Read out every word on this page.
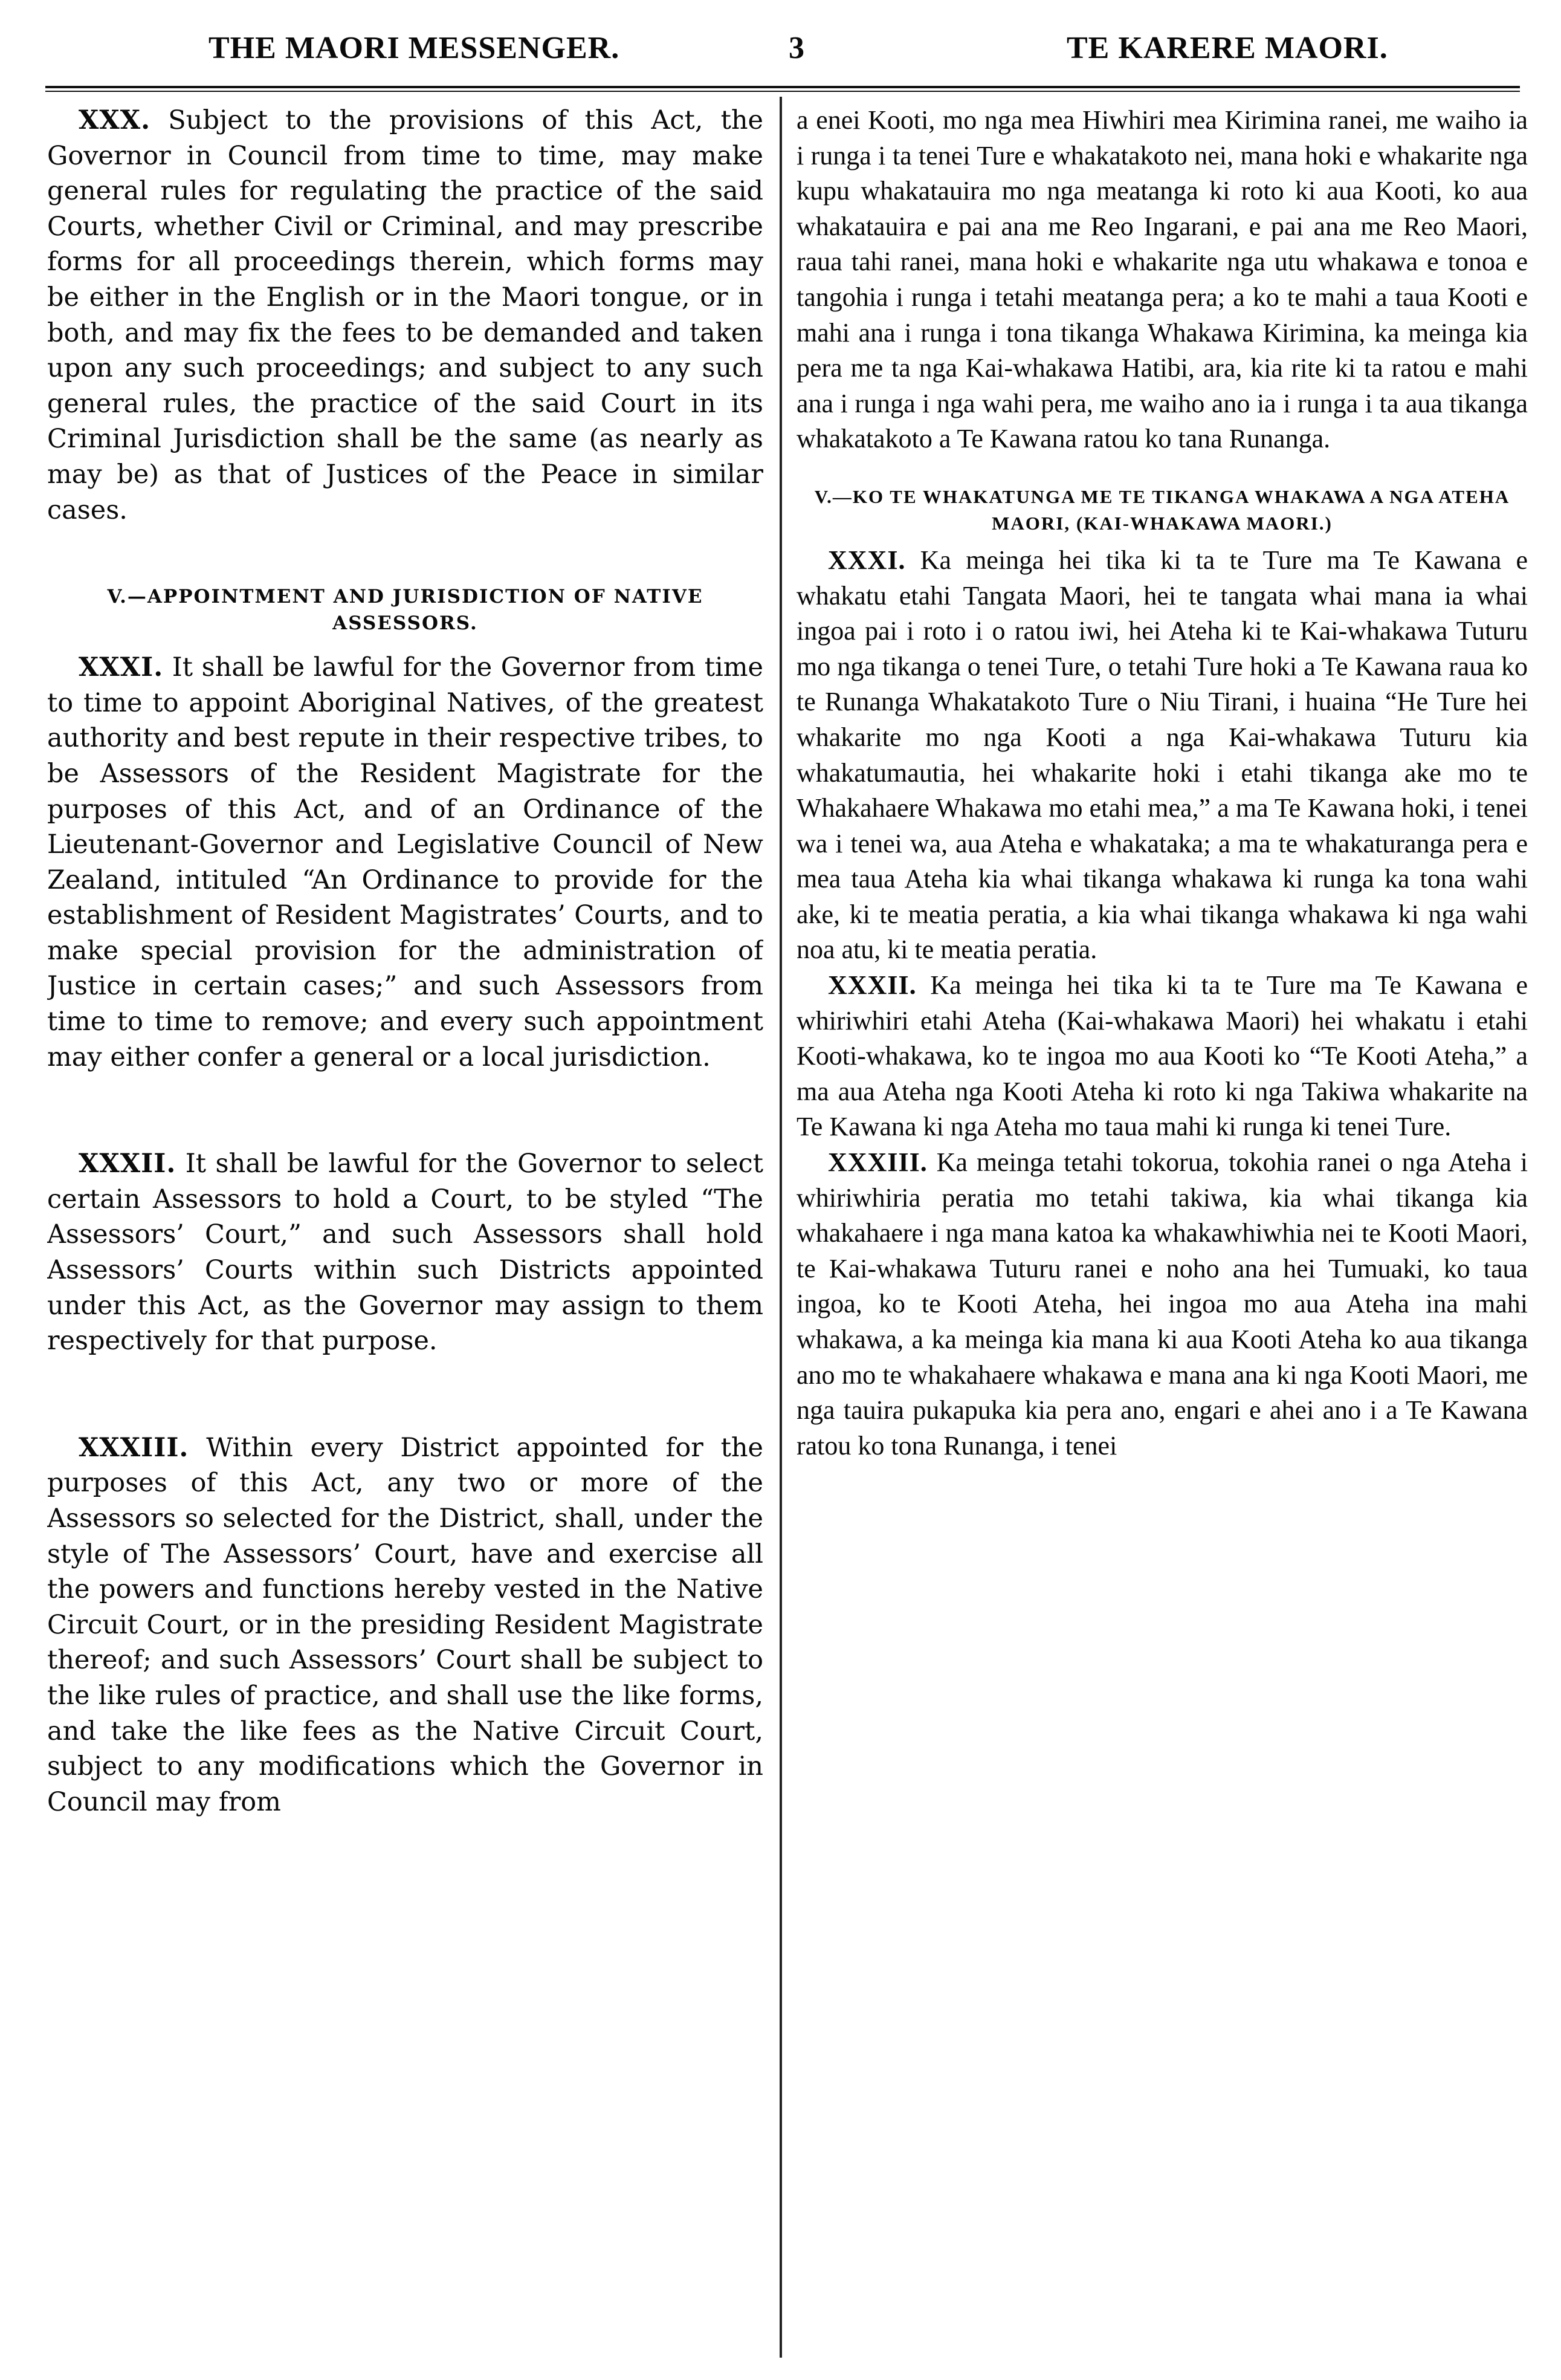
THE MAORI MESSENGER.	3	TE KARERE MAORI.

XXX. Subject to the provisions of this Act, the Governor in Council from time to time, may make general rules for regulating the practice of the said Courts, whether Civil or Criminal, and may prescribe forms for all proceedings therein, which forms may be either in the English or in the Maori tongue, or in both, and may fix the fees to be demanded and taken upon any such proceedings; and subject to any such general rules, the practice of the said Court in its Criminal Jurisdiction shall be the same (as nearly as may be) as that of Justices of the Peace in similar cases.

V.—APPOINTMENT AND JURISDICTION OF NATIVE ASSESSORS.

XXXI. It shall be lawful for the Governor from time to time to appoint Aboriginal Natives, of the greatest authority and best repute in their respective tribes, to be Assessors of the Resident Magistrate for the purposes of this Act, and of an Ordinance of the Lieutenant-Governor and Legislative Council of New Zealand, intituled “An Ordinance to provide for the establishment of Resident Magistrates’ Courts, and to make special provision for the administration of Justice in certain cases;” and such Assessors from time to time to remove; and every such appointment may either confer a general or a local jurisdiction.

XXXII. It shall be lawful for the Governor to select certain Assessors to hold a Court, to be styled “The Assessors’ Court,” and such Assessors shall hold Assessors’ Courts within such Districts appointed under this Act, as the Governor may assign to them respectively for that purpose.

XXXIII. Within every District appointed for the purposes of this Act, any two or more of the Assessors so selected for the District, shall, under the style of The Assessors’ Court, have and exercise all the powers and functions hereby vested in the Native Circuit Court, or in the presiding Resident Magistrate thereof; and such Assessors’ Court shall be subject to the like rules of practice, and shall use the like forms, and take the like fees as the Native Circuit Court, subject to any modifications which the Governor in Council may from

a enei Kooti, mo nga mea Hiwhiri mea Kirimina ranei, me waiho ia i runga i ta tenei Ture e whakatakoto nei, mana hoki e whakarite nga kupu whakatauira mo nga meatanga ki roto ki aua Kooti, ko aua whakatauira e pai ana me Reo Ingarani, e pai ana me Reo Maori, raua tahi ranei, mana hoki e whakarite nga utu whakawa e tonoa e tangohia i runga i tetahi meatanga pera; a ko te mahi a taua Kooti e mahi ana i runga i tona tikanga Whakawa Kirimina, ka meinga kia pera me ta nga Kai-whakawa Hatibi, ara, kia rite ki ta ratou e mahi ana i runga i nga wahi pera, me waiho ano ia i runga i ta aua tikanga whakatakoto a Te Kawana ratou ko tana Runanga.

V.—KO TE WHAKATUNGA ME TE TIKANGA WHAKAWA A NGA ATEHA MAORI, (KAI-WHAKAWA MAORI.)

XXXI. Ka meinga hei tika ki ta te Ture ma Te Kawana e whakatu etahi Tangata Maori, hei te tangata whai mana ia whai ingoa pai i roto i o ratou iwi, hei Ateha ki te Kai-whakawa Tuturu mo nga tikanga o tenei Ture, o tetahi Ture hoki a Te Kawana raua ko te Runanga Whakatakoto Ture o Niu Tirani, i huaina “He Ture hei whakarite mo nga Kooti a nga Kai-whakawa Tuturu kia whakatumautia, hei whakarite hoki i etahi tikanga ake mo te Whakahaere Whakawa mo etahi mea,” a ma Te Kawana hoki, i tenei wa i tenei wa, aua Ateha e whakataka; a ma te whakaturanga pera e mea taua Ateha kia whai tikanga whakawa ki runga ka tona wahi ake, ki te meatia peratia, a kia whai tikanga whakawa ki nga wahi noa atu, ki te meatia peratia.

XXXII. Ka meinga hei tika ki ta te Ture ma Te Kawana e whiriwhiri etahi Ateha (Kai-whakawa Maori) hei whakatu i etahi Kooti-whakawa, ko te ingoa mo aua Kooti ko “Te Kooti Ateha,” a ma aua Ateha nga Kooti Ateha ki roto ki nga Takiwa whakarite na Te Kawana ki nga Ateha mo taua mahi ki runga ki tenei Ture.

XXXIII. Ka meinga tetahi tokorua, tokohia ranei o nga Ateha i whiriwhiria peratia mo tetahi takiwa, kia whai tikanga kia whakahaere i nga mana katoa ka whakawhiwhia nei te Kooti Maori, te Kai-whakawa Tuturu ranei e noho ana hei Tumuaki, ko taua ingoa, ko te Kooti Ateha, hei ingoa mo aua Ateha ina mahi whakawa, a ka meinga kia mana ki aua Kooti Ateha ko aua tikanga ano mo te whakahaere whakawa e mana ana ki nga Kooti Maori, me nga tauira pukapuka kia pera ano, engari e ahei ano i a Te Kawana ratou ko tona Runanga, i tenei
